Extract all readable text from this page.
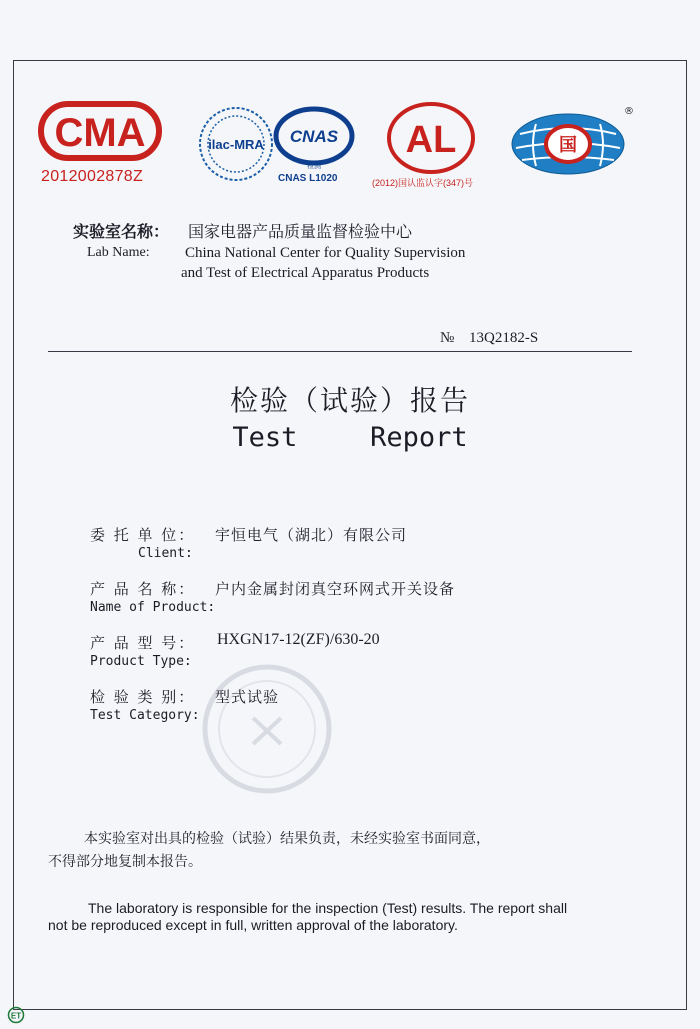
CMA
2012002878Z
ilac-MRA CNAS
检测
CNAS L1020
AL
(2012)国认监认字(347)号
国
®
实验室名称： 国家电器产品质量监督检验中心
Lab Name: China National Center for Quality Supervision
and Test of Electrical Apparatus Products
№ 13Q2182-S
检验（试验）报告
Test   Report
委 托 单 位： 宇恒电气（湖北）有限公司
Client:
产 品 名 称： 户内金属封闭真空环网式开关设备
Name of Product:
产 品 型 号： HXGN17-12(ZF)/630-20
Product Type:
检 验 类 别： 型式试验
Test Category:
本实验室对出具的检验（试验）结果负责，未经实验室书面同意，
不得部分地复制本报告。
The laboratory is responsible for the inspection (Test) results. The report shall
not be reproduced except in full, written approval of the laboratory.
ET
